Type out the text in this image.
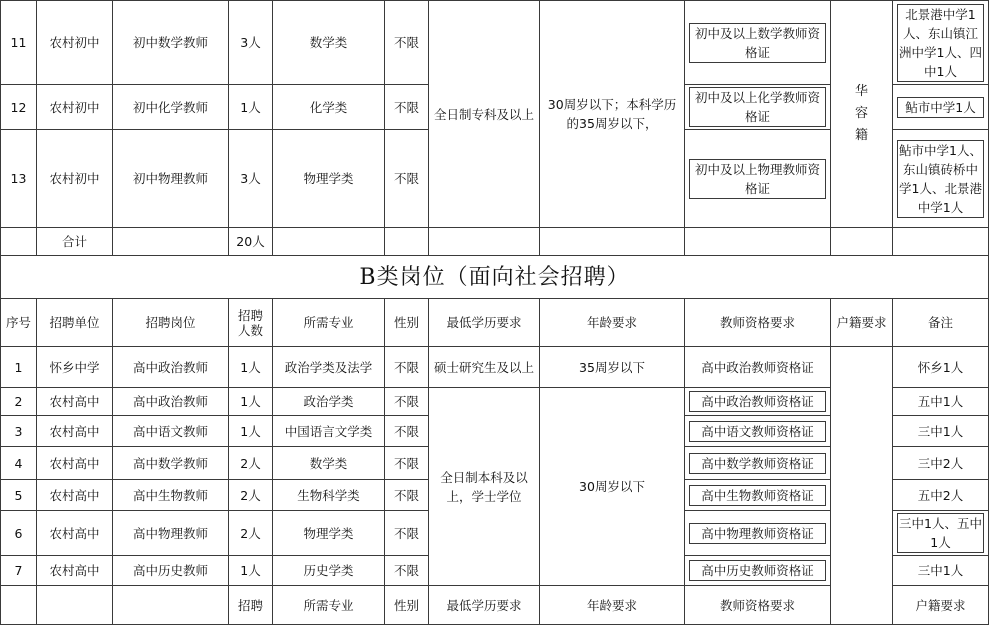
11	农村初中	初中数学教师	3人	数学类	不限	全日制专科及以上	30周岁以下；本科学历的35周岁以下，	初中及以上数学教师资格证	华容籍	北景港中学1人、东山镇江洲中学1人、四中1人	

12	农村初中	初中化学教师	1人	化学类	不限			初中及以上化学教师资格证		鲇市中学1人	

13	农村初中	初中物理教师	3人	物理学类	不限			初中及以上物理教师资格证		鲇市中学1人、东山镇砖桥中学1人、北景港中学1人	

	合计		20人								
B类岗位（面向社会招聘）											
序号	招聘单位	招聘岗位	招聘人数	所需专业	性别	最低学历要求	年龄要求	教师资格要求	户籍要求	备注	
1	怀乡中学	高中政治教师	1人	政治学类及法学	不限	硕士研究生及以上	35周岁以下	高中政治教师资格证		怀乡1人	
2	农村高中	高中政治教师	1人	政治学类	不限	全日制本科及以上，学士学位	30周岁以下	高中政治教师资格证		五中1人	
3	农村高中	高中语文教师	1人	中国语言文学类	不限			高中语文教师资格证		三中1人	
4	农村高中	高中数学教师	2人	数学类	不限			高中数学教师资格证		三中2人	
5	农村高中	高中生物教师	2人	生物科学类	不限			高中生物教师资格证		五中2人	
6	农村高中	高中物理教师	2人	物理学类	不限			高中物理教师资格证		三中1人、五中1人	

7	农村高中	高中历史教师	1人	历史学类	不限			高中历史教师资格证		三中1人	
			招聘	所需专业	性别	最低学历要求	年龄要求	教师资格要求		户籍要求	
